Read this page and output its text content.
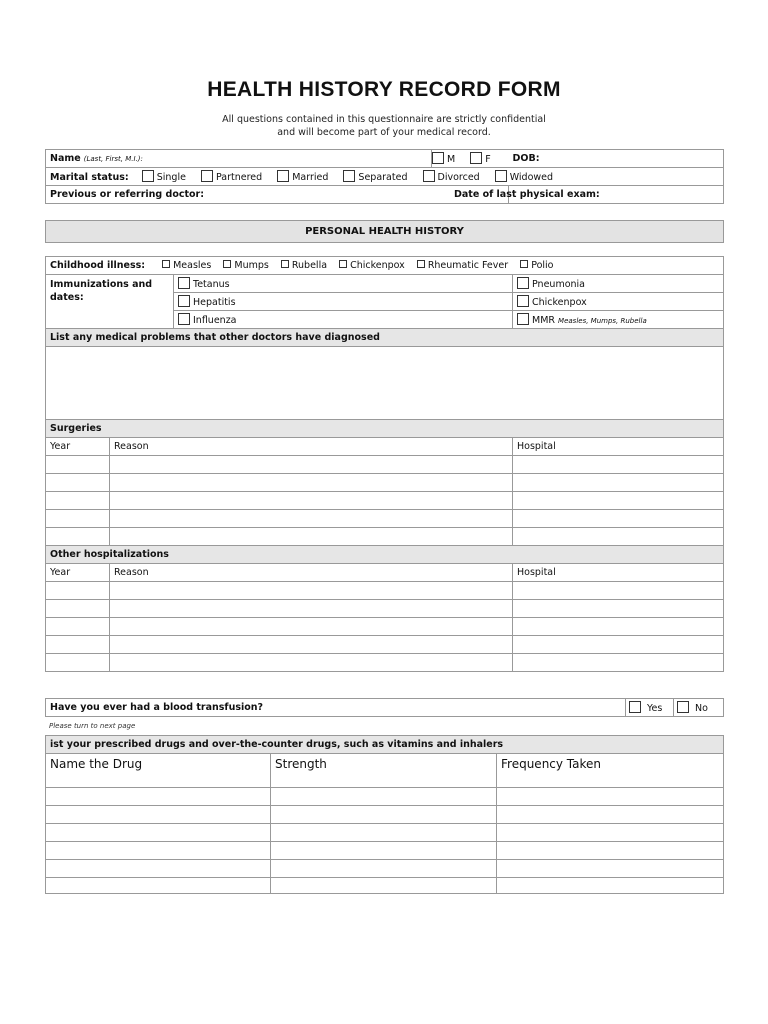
HEALTH HISTORY RECORD FORM
All questions contained in this questionnaire are strictly confidential
and will become part of your medical record.
Name (Last, First, M.I.):	M F	DOB:
Marital status: Single Partnered Married Separated Divorced Widowed		
Previous or referring doctor:		Date of last physical exam:
PERSONAL HEALTH HISTORY
Childhood illness: Measles Mumps Rubella Chickenpox Rheumatic Fever Polio			
Immunizations and dates:		Tetanus	Pneumonia
		Hepatitis	Chickenpox
		Influenza	MMR Measles, Mumps, Rubella
List any medical problems that other doctors have diagnosed			

Surgeries			
Year	Reason		Hospital

Other hospitalizations			
Year	Reason		Hospital

Have you ever had a blood transfusion?	Yes	No
Please turn to next page
ist your prescribed drugs and over-the-counter drugs, such as vitamins and inhalers		
Name the Drug	Strength	Frequency Taken
